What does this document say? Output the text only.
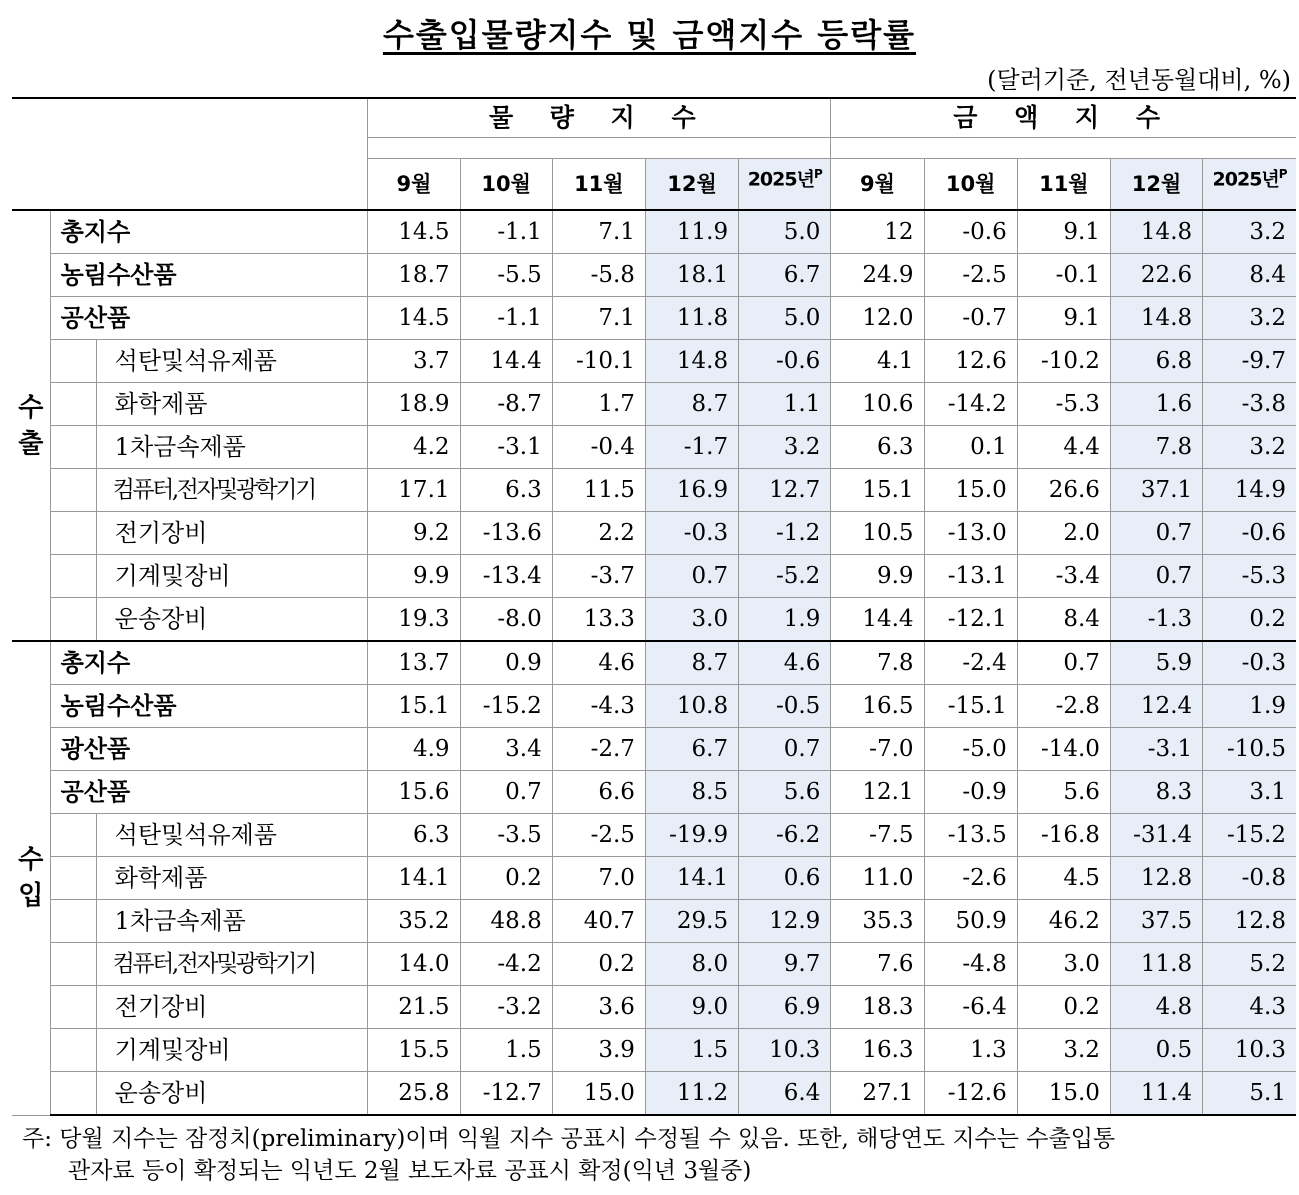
수출입물량지수 및 금액지수 등락률
(달러기준, 전년동월대비, %)
			물 량 지 수					금 액 지 수				

			9월	10월	11월	12월	2025년$^P$	9월	10월	11월	12월	2025년$^P$

수
출	총지수		14.5	-1.1	7.1	11.9	5.0	12	-0.6	9.1	14.8	3.2
	농림수산품		18.7	-5.5	-5.8	18.1	6.7	24.9	-2.5	-0.1	22.6	8.4
	공산품		14.5	-1.1	7.1	11.8	5.0	12.0	-0.7	9.1	14.8	3.2
		석탄및석유제품	3.7	14.4	-10.1	14.8	-0.6	4.1	12.6	-10.2	6.8	-9.7
		화학제품	18.9	-8.7	1.7	8.7	1.1	10.6	-14.2	-5.3	1.6	-3.8
		1차금속제품	4.2	-3.1	-0.4	-1.7	3.2	6.3	0.1	4.4	7.8	3.2
		컴퓨터,전자및광학기기	17.1	6.3	11.5	16.9	12.7	15.1	15.0	26.6	37.1	14.9
		전기장비	9.2	-13.6	2.2	-0.3	-1.2	10.5	-13.0	2.0	0.7	-0.6
		기계및장비	9.9	-13.4	-3.7	0.7	-5.2	9.9	-13.1	-3.4	0.7	-5.3
		운송장비	19.3	-8.0	13.3	3.0	1.9	14.4	-12.1	8.4	-1.3	0.2

수
입	총지수		13.7	0.9	4.6	8.7	4.6	7.8	-2.4	0.7	5.9	-0.3
	농림수산품		15.1	-15.2	-4.3	10.8	-0.5	16.5	-15.1	-2.8	12.4	1.9
	광산품		4.9	3.4	-2.7	6.7	0.7	-7.0	-5.0	-14.0	-3.1	-10.5
	공산품		15.6	0.7	6.6	8.5	5.6	12.1	-0.9	5.6	8.3	3.1
		석탄및석유제품	6.3	-3.5	-2.5	-19.9	-6.2	-7.5	-13.5	-16.8	-31.4	-15.2
		화학제품	14.1	0.2	7.0	14.1	0.6	11.0	-2.6	4.5	12.8	-0.8
		1차금속제품	35.2	48.8	40.7	29.5	12.9	35.3	50.9	46.2	37.5	12.8
		컴퓨터,전자및광학기기	14.0	-4.2	0.2	8.0	9.7	7.6	-4.8	3.0	11.8	5.2
		전기장비	21.5	-3.2	3.6	9.0	6.9	18.3	-6.4	0.2	4.8	4.3
		기계및장비	15.5	1.5	3.9	1.5	10.3	16.3	1.3	3.2	0.5	10.3
		운송장비	25.8	-12.7	15.0	11.2	6.4	27.1	-12.6	15.0	11.4	5.1
주: 당월 지수는 잠정치(preliminary)이며 익월 지수 공표시 수정될 수 있음. 또한, 해당연도 지수는 수출입통
관자료 등이 확정되는 익년도 2월 보도자료 공표시 확정(익년 3월중)
